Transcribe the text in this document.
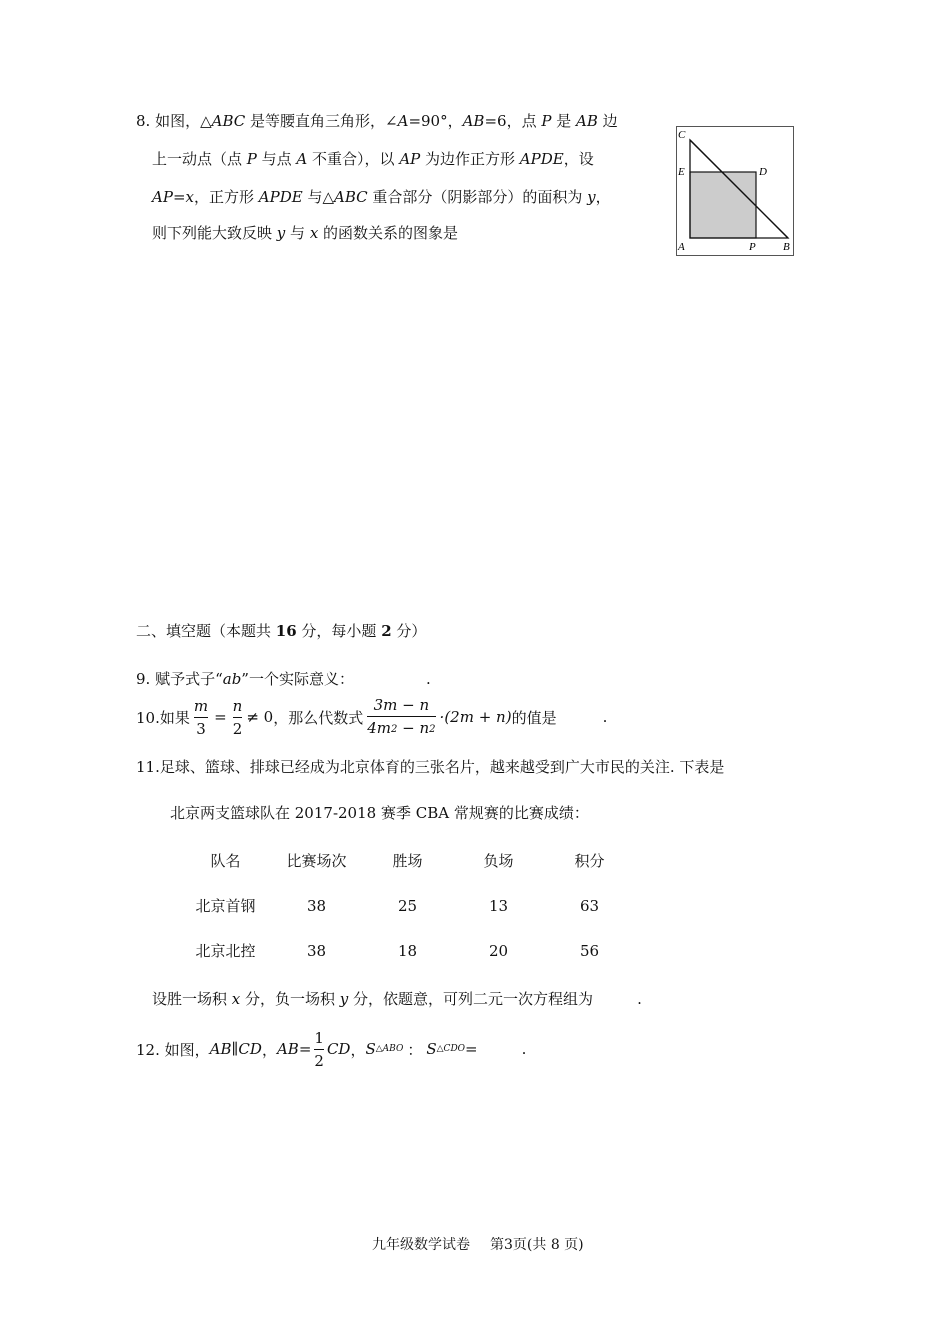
8. 如图，△ABC 是等腰直角三角形，∠A=90°，AB=6，点 P 是 AB 边
上一动点（点 P 与点 A 不重合），以 AP 为边作正方形 APDE，设
AP=x，正方形 APDE 与△ABC 重合部分（阴影部分）的面积为 y，
则下列能大致反映 y 与 x 的函数关系的图象是
C
E	D
A	P B
二、填空题（本题共 16 分，每小题 2 分）
9. 赋予式子“ab”一个实际意义：	.
10.如果 $\frac{m}{3} = \frac{n}{2} \ne 0$ ，那么代数式 $\frac{3m - n}{4m2 - n2} \cdot(2m + n)$ 的值是	.
11.足球、篮球、排球已经成为北京体育的三张名片，越来越受到广大市民的关注. 下表是
北京两支篮球队在 2017-2018 赛季 CBA 常规赛的比赛成绩：
队名	比赛场次	胜场	负场	积分
北京首钢	38	25	13	63
北京北控	38	18	20	56
设胜一场积 x 分，负一场积 y 分，依题意，可列二元一次方程组为	.
12. 如图， AB ∥ CD ， AB = $\frac{1}{2}$ CD ， S △ABO ： S △CDO =	.
九年级数学试卷 第3页(共 8 页)
